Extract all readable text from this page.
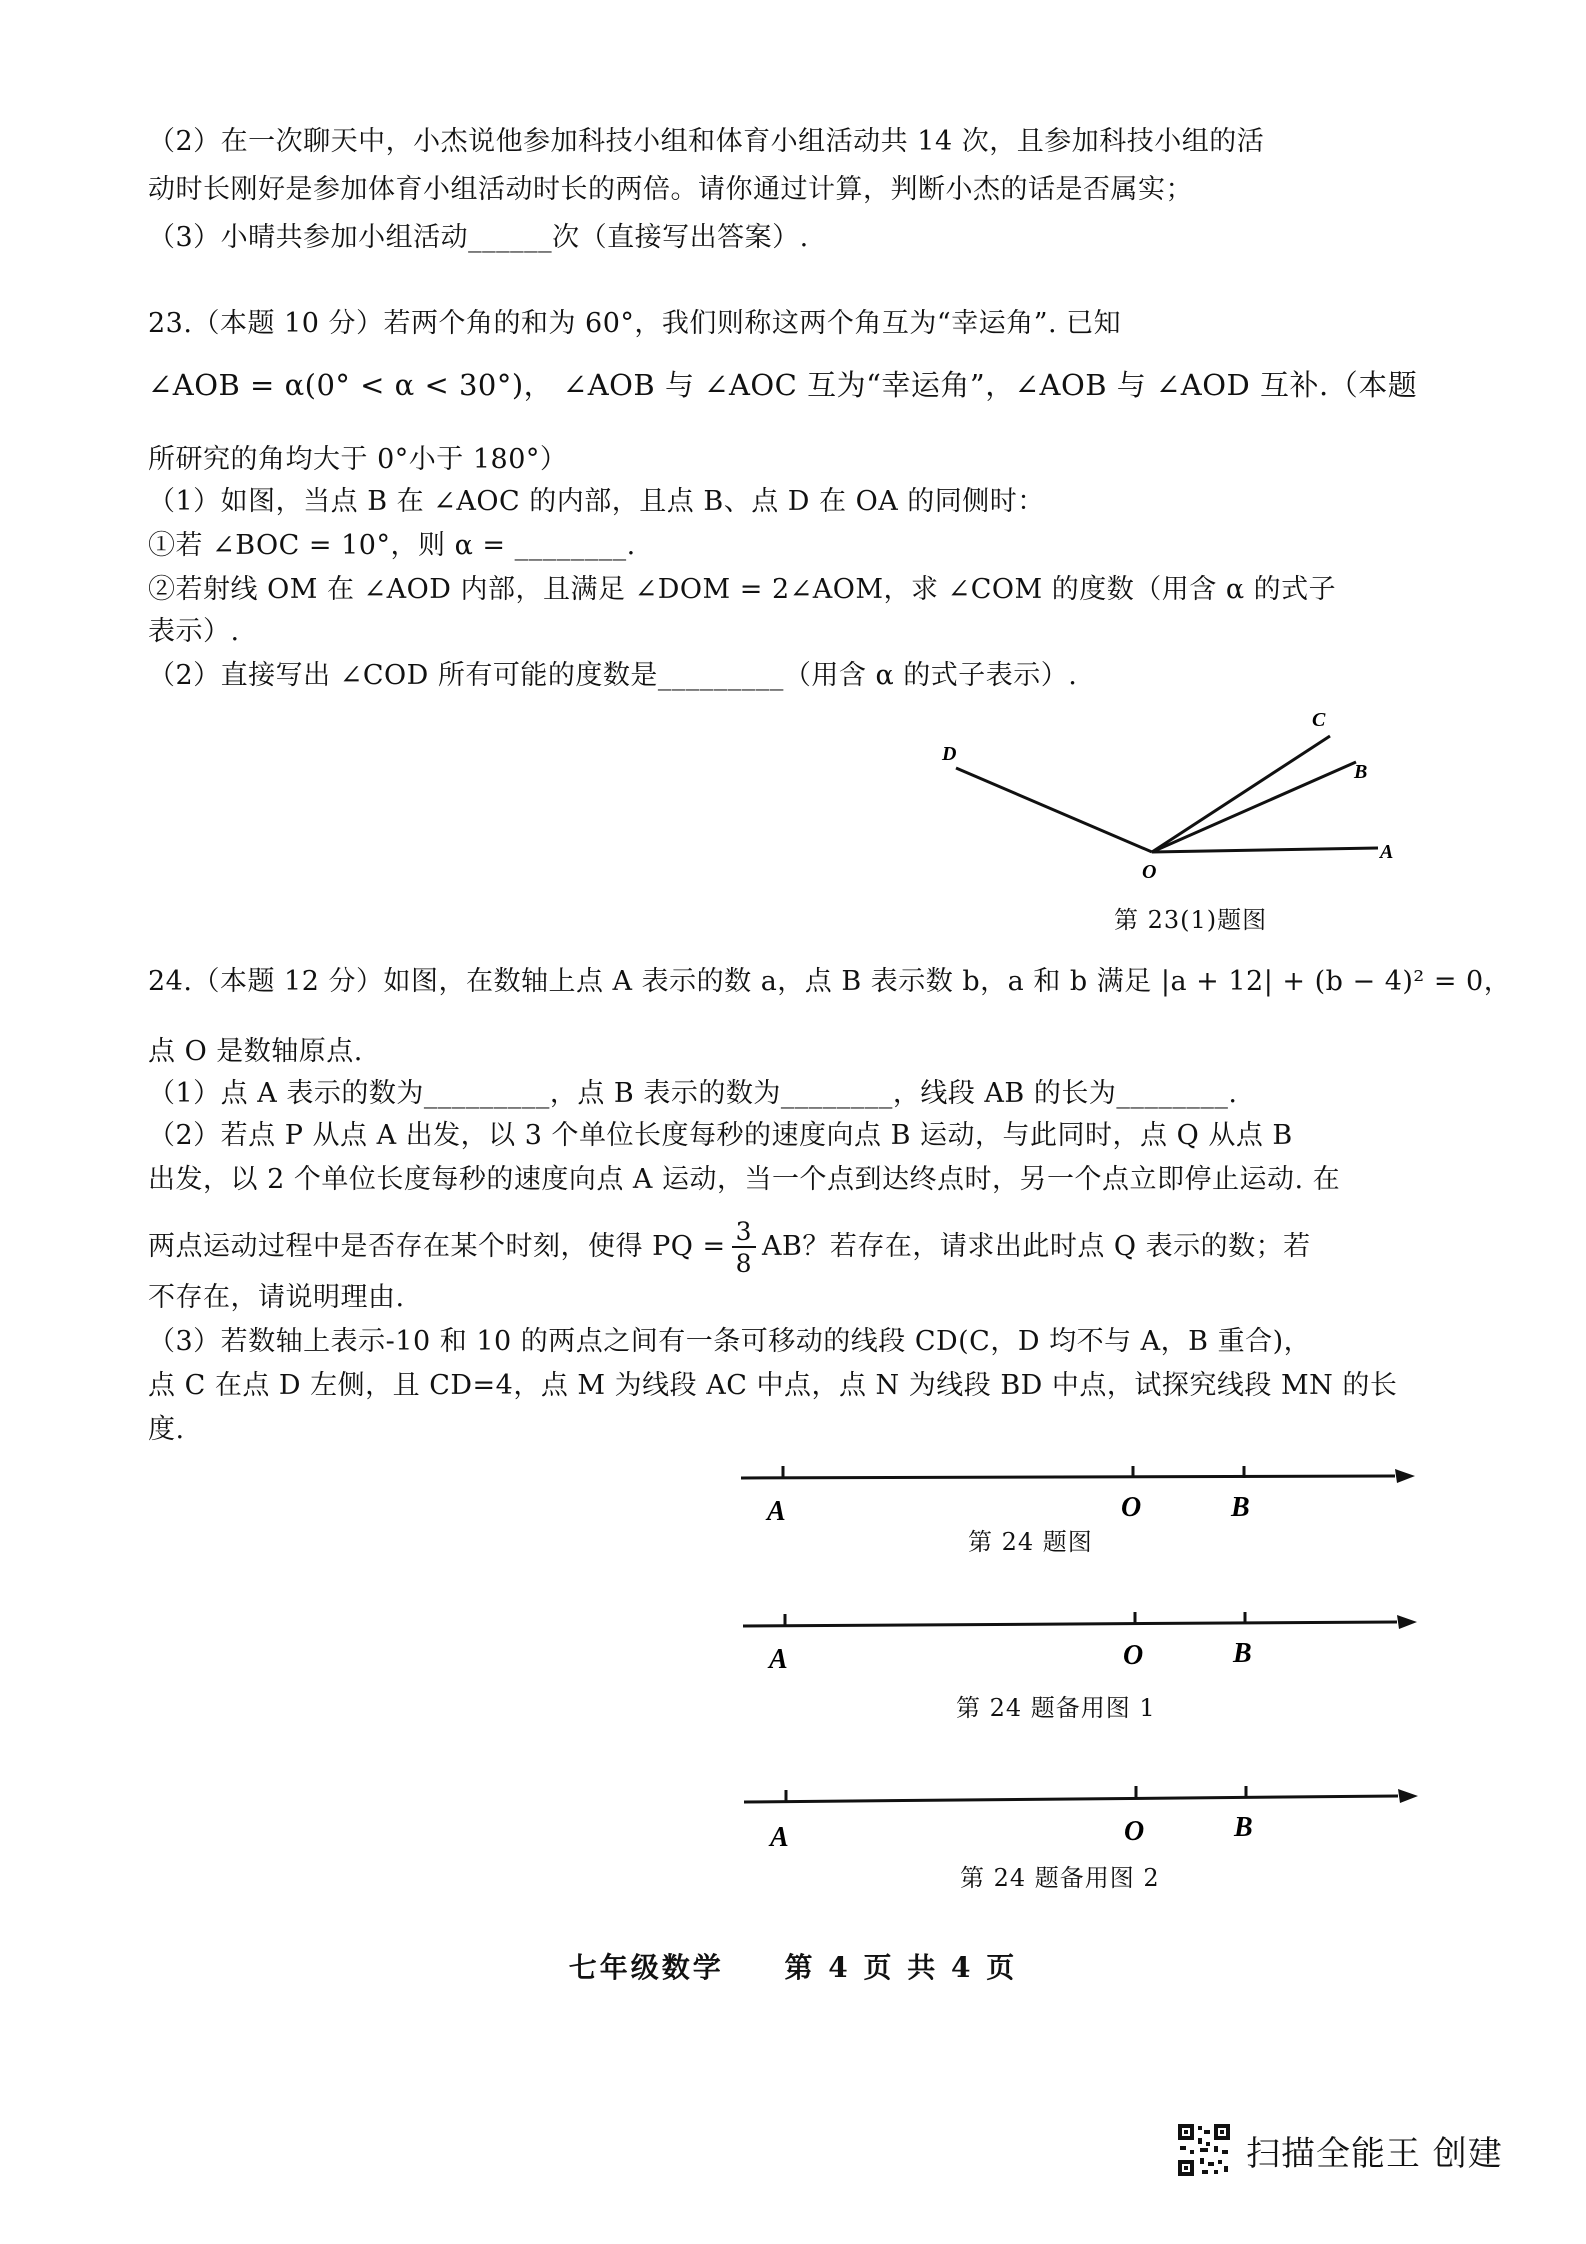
（2）在一次聊天中，小杰说他参加科技小组和体育小组活动共 14 次，且参加科技小组的活
动时长刚好是参加体育小组活动时长的两倍。请你通过计算，判断小杰的话是否属实；
（3）小晴共参加小组活动______次（直接写出答案）.
23.（本题 10 分）若两个角的和为 60°，我们则称这两个角互为“幸运角”. 已知
∠AOB = α(0° < α < 30°)， ∠AOB 与 ∠AOC 互为“幸运角”，∠AOB 与 ∠AOD 互补.（本题
所研究的角均大于 0°小于 180°）
（1）如图，当点 B 在 ∠AOC 的内部，且点 B、点 D 在 OA 的同侧时：
①若 ∠BOC = 10°，则 α = ________.
②若射线 OM 在 ∠AOD 内部，且满足 ∠DOM = 2∠AOM，求 ∠COM 的度数（用含 α 的式子
表示）.
（2）直接写出 ∠COD 所有可能的度数是_________（用含 α 的式子表示）.
C
B
D
O
A
第 23(1)题图
24.（本题 12 分）如图，在数轴上点 A 表示的数 a，点 B 表示数 b，a 和 b 满足 |a + 12| + (b − 4)² = 0，
点 O 是数轴原点.
（1）点 A 表示的数为_________，点 B 表示的数为________，线段 AB 的长为________.
（2）若点 P 从点 A 出发，以 3 个单位长度每秒的速度向点 B 运动，与此同时，点 Q 从点 B
出发，以 2 个单位长度每秒的速度向点 A 运动，当一个点到达终点时，另一个点立即停止运动. 在
两点运动过程中是否存在某个时刻，使得 PQ = $\frac{3}{8}$ AB？若存在，请求出此时点 Q 表示的数；若
不存在，请说明理由.
（3）若数轴上表示-10 和 10 的两点之间有一条可移动的线段 CD(C，D 均不与 A，B 重合)，
点 C 在点 D 左侧，且 CD=4，点 M 为线段 AC 中点，点 N 为线段 BD 中点，试探究线段 MN 的长
度.
A	O	B
第 24 题图
A	O	B
第 24 题备用图 1
A	O	B
第 24 题备用图 2
七年级数学 第 4 页 共 4 页
扫描全能王 创建
